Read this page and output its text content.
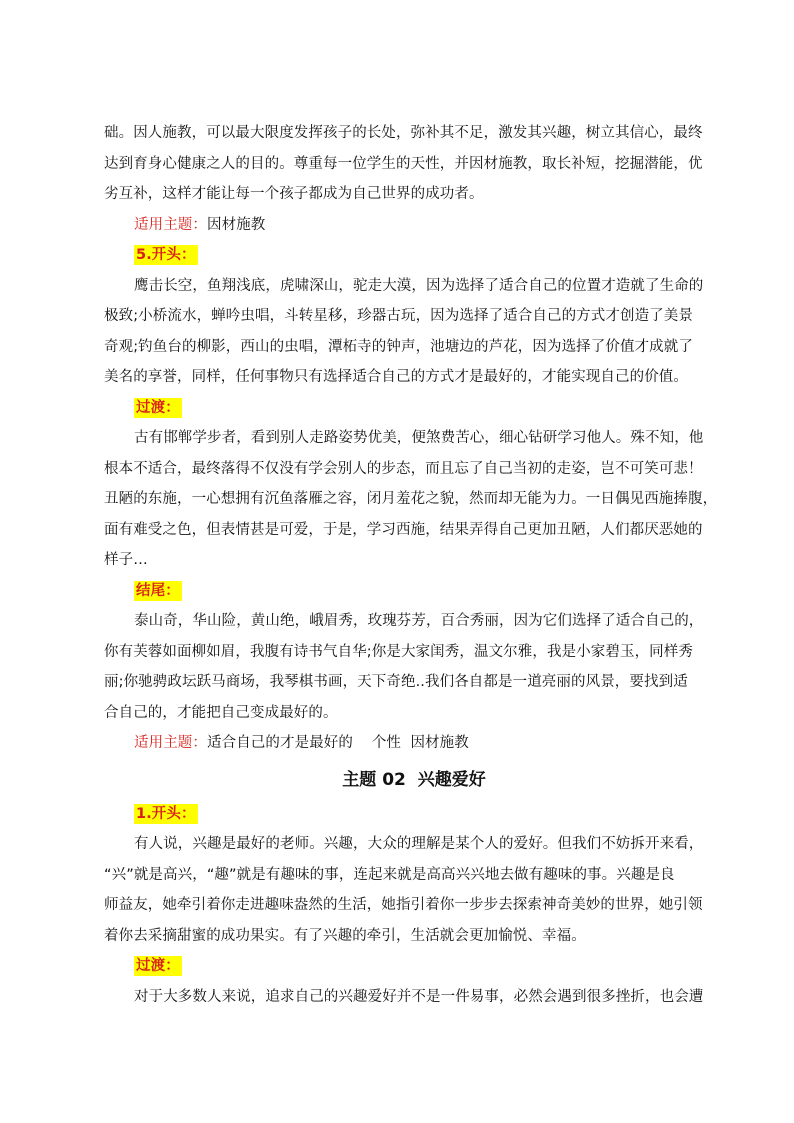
础。因人施教，可以最大限度发挥孩子的长处，弥补其不足，激发其兴趣，树立其信心，最终
达到育身心健康之人的目的。尊重每一位学生的天性，并因材施教，取长补短，挖掘潜能，优
劣互补，这样才能让每一个孩子都成为自己世界的成功者。
适用主题：因材施教
5.开头：
鹰击长空，鱼翔浅底，虎啸深山，驼走大漠，因为选择了适合自己的位置才造就了生命的
极致;小桥流水，蝉吟虫唱，斗转星移，珍器古玩，因为选择了适合自己的方式才创造了美景
奇观;钓鱼台的柳影，西山的虫唱，潭柘寺的钟声，池塘边的芦花，因为选择了价值才成就了
美名的享誉，同样，任何事物只有选择适合自己的方式才是最好的，才能实现自己的价值。
过渡：
古有邯郸学步者，看到别人走路姿势优美，便煞费苦心，细心钻研学习他人。殊不知，他
根本不适合，最终落得不仅没有学会别人的步态，而且忘了自己当初的走姿，岂不可笑可悲！
丑陋的东施，一心想拥有沉鱼落雁之容，闭月羞花之貌，然而却无能为力。一日偶见西施捧腹，
面有难受之色，但表情甚是可爱，于是，学习西施，结果弄得自己更加丑陋，人们都厌恶她的
样子…
结尾：
泰山奇，华山险，黄山绝，峨眉秀，玫瑰芬芳，百合秀丽，因为它们选择了适合自己的，
你有芙蓉如面柳如眉，我腹有诗书气自华;你是大家闺秀，温文尔雅，我是小家碧玉，同样秀
丽;你驰骋政坛跃马商场，我琴棋书画，天下奇绝..我们各自都是一道亮丽的风景，要找到适
合自己的，才能把自己变成最好的。
适用主题：适合自己的才是最好的    个性  因材施教
主题 02  兴趣爱好
1.开头：
有人说，兴趣是最好的老师。兴趣，大众的理解是某个人的爱好。但我们不妨拆开来看，
“兴”就是高兴，“趣”就是有趣味的事，连起来就是高高兴兴地去做有趣味的事。兴趣是良
师益友，她牵引着你走进趣味盎然的生活，她指引着你一步步去探索神奇美妙的世界，她引领
着你去采摘甜蜜的成功果实。有了兴趣的牵引，生活就会更加愉悦、幸福。
过渡：
对于大多数人来说，追求自己的兴趣爱好并不是一件易事，必然会遇到很多挫折，也会遭
